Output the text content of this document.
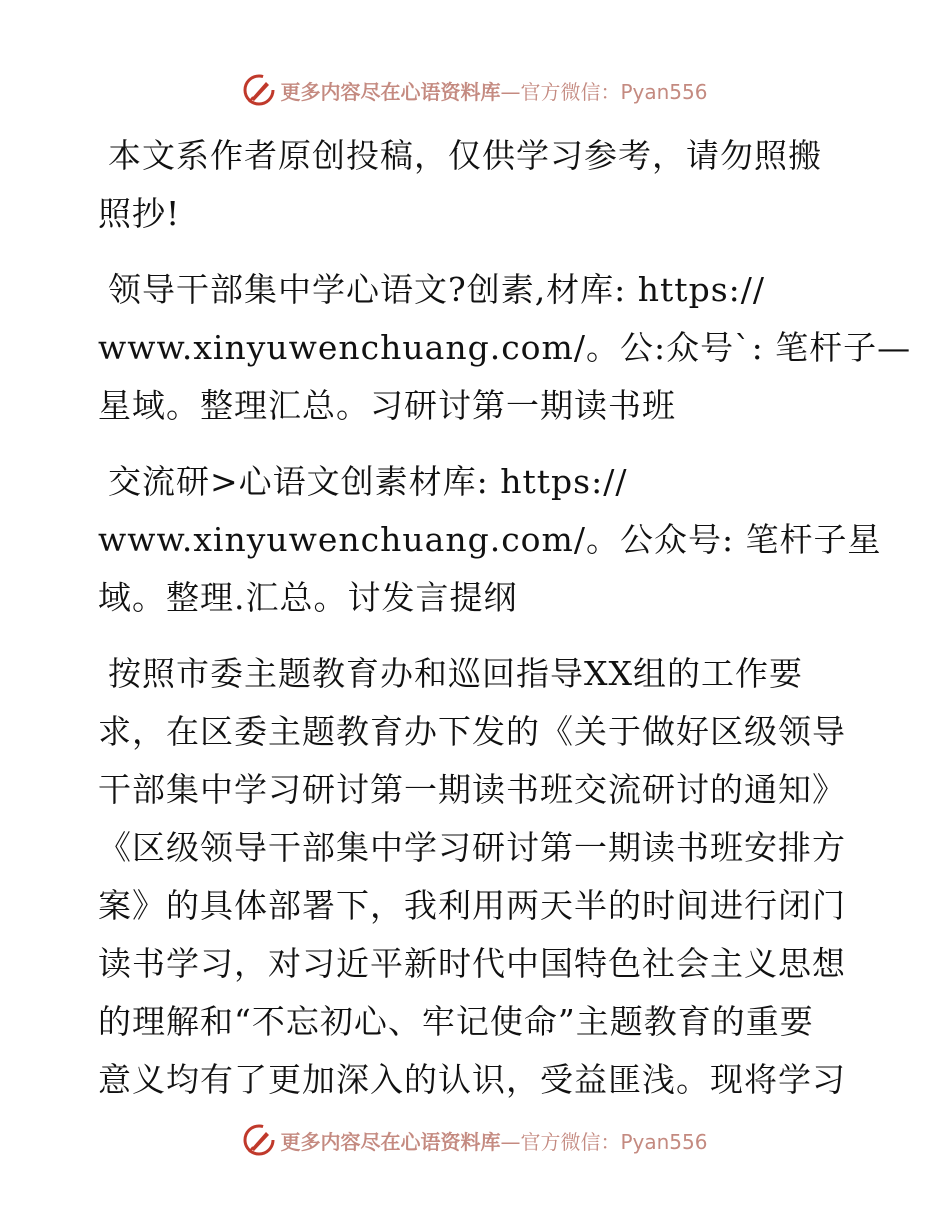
更多内容尽在心语资料库 —官方微信：Pyan556
本文系作者原创投稿，仅供学习参考，请勿照搬
照抄!
领导干部集中学心语文?创素,材库: https://
www.xinyuwenchuang.com/。公:众号`: 笔杆子—
星域。整理汇总。习研讨第一期读书班
交流研>心语文创素材库: https://
www.xinyuwenchuang.com/。公众号: 笔杆子星
域。整理.汇总。讨发言提纲
按照市委主题教育办和巡回指导XX组的工作要
求，在区委主题教育办下发的《关于做好区级领导
干部集中学习研讨第一期读书班交流研讨的通知》
《区级领导干部集中学习研讨第一期读书班安排方
案》的具体部署下，我利用两天半的时间进行闭门
读书学习，对习近平新时代中国特色社会主义思想
的理解和“不忘初心、牢记使命”主题教育的重要
意义均有了更加深入的认识，受益匪浅。现将学习
更多内容尽在心语资料库 —官方微信：Pyan556
